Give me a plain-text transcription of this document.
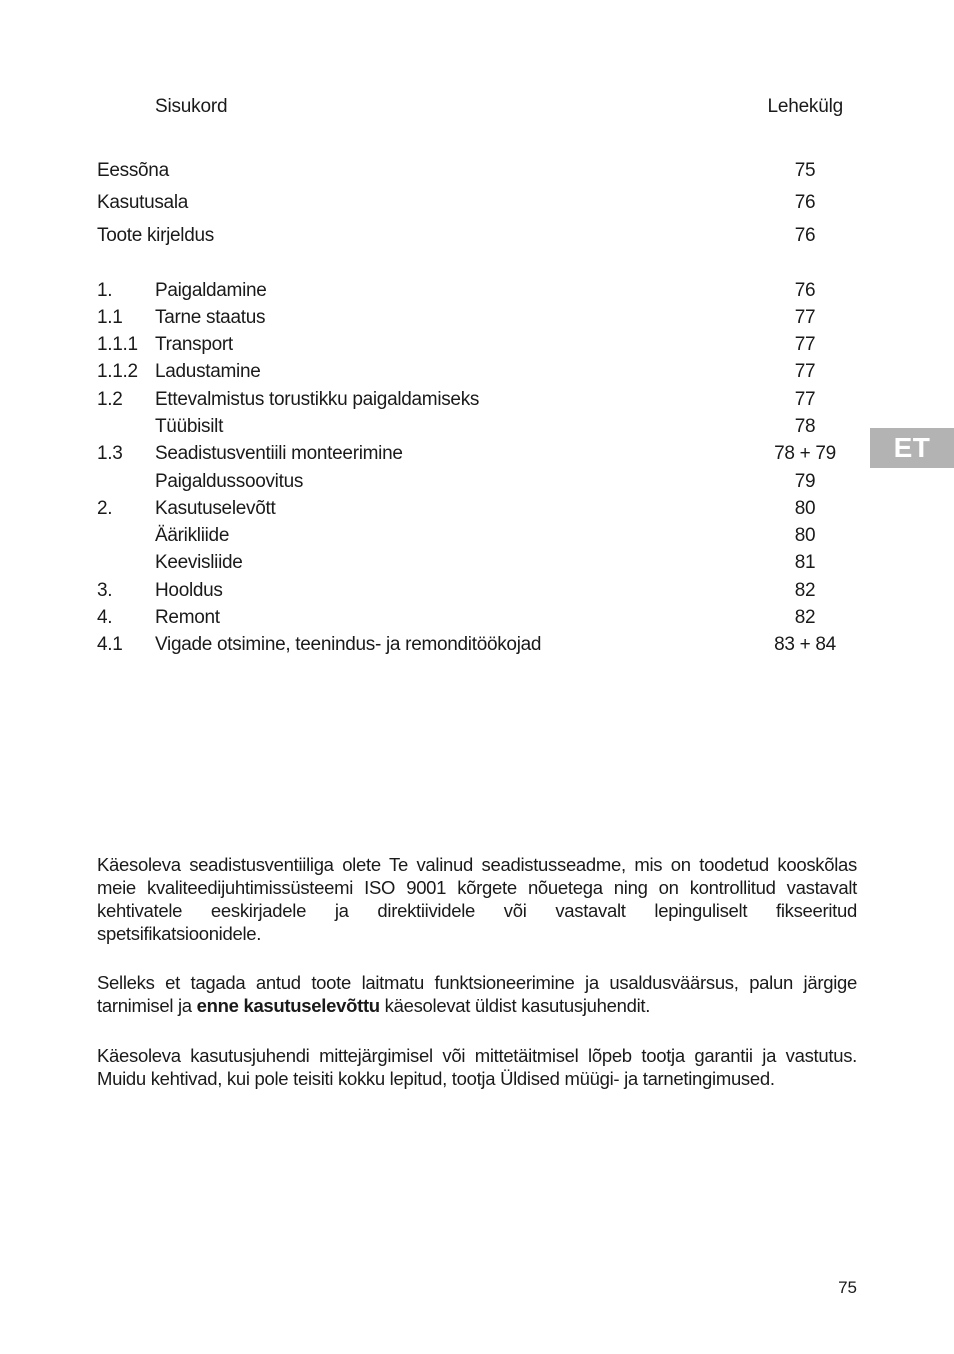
Sisukord	Lehekülg
Eessõna	75
Kasutusala	76
Toote kirjeldus	76
1. Paigaldamine	76
1.1 Tarne staatus	77
1.1.1 Transport	77
1.1.2 Ladustamine	77
1.2 Ettevalmistus torustikku paigaldamiseks	77
Tüübisilt	78
1.3 Seadistusventiili monteerimine	78 + 79
Paigaldussoovitus	79
2. Kasutuselevõtt	80
Äärikliide	80
Keevisliide	81
3. Hooldus	82
4. Remont	82
4.1 Vigade otsimine, teenindus- ja remonditöökojad	83 + 84
ET

Käesoleva seadistusventiiliga olete Te valinud seadistusseadme, mis on toodetud kooskõlas meie kvaliteedijuhtimissüsteemi ISO 9001 kõrgete nõuetega ning on kontrollitud vastavalt kehtivatele eeskirjadele ja direktiividele või vastavalt lepinguliselt fikseeritud spetsifikatsioonidele.

Selleks et tagada antud toote laitmatu funktsioneerimine ja usaldusväärsus, palun järgige tarnimisel ja enne kasutuselevõttu käesolevat üldist kasutusjuhendit.

Käesoleva kasutusjuhendi mittejärgimisel või mittetäitmisel lõpeb tootja garantii ja vastutus. Muidu kehtivad, kui pole teisiti kokku lepitud, tootja Üldised müügi- ja tarnetingimused.

75
